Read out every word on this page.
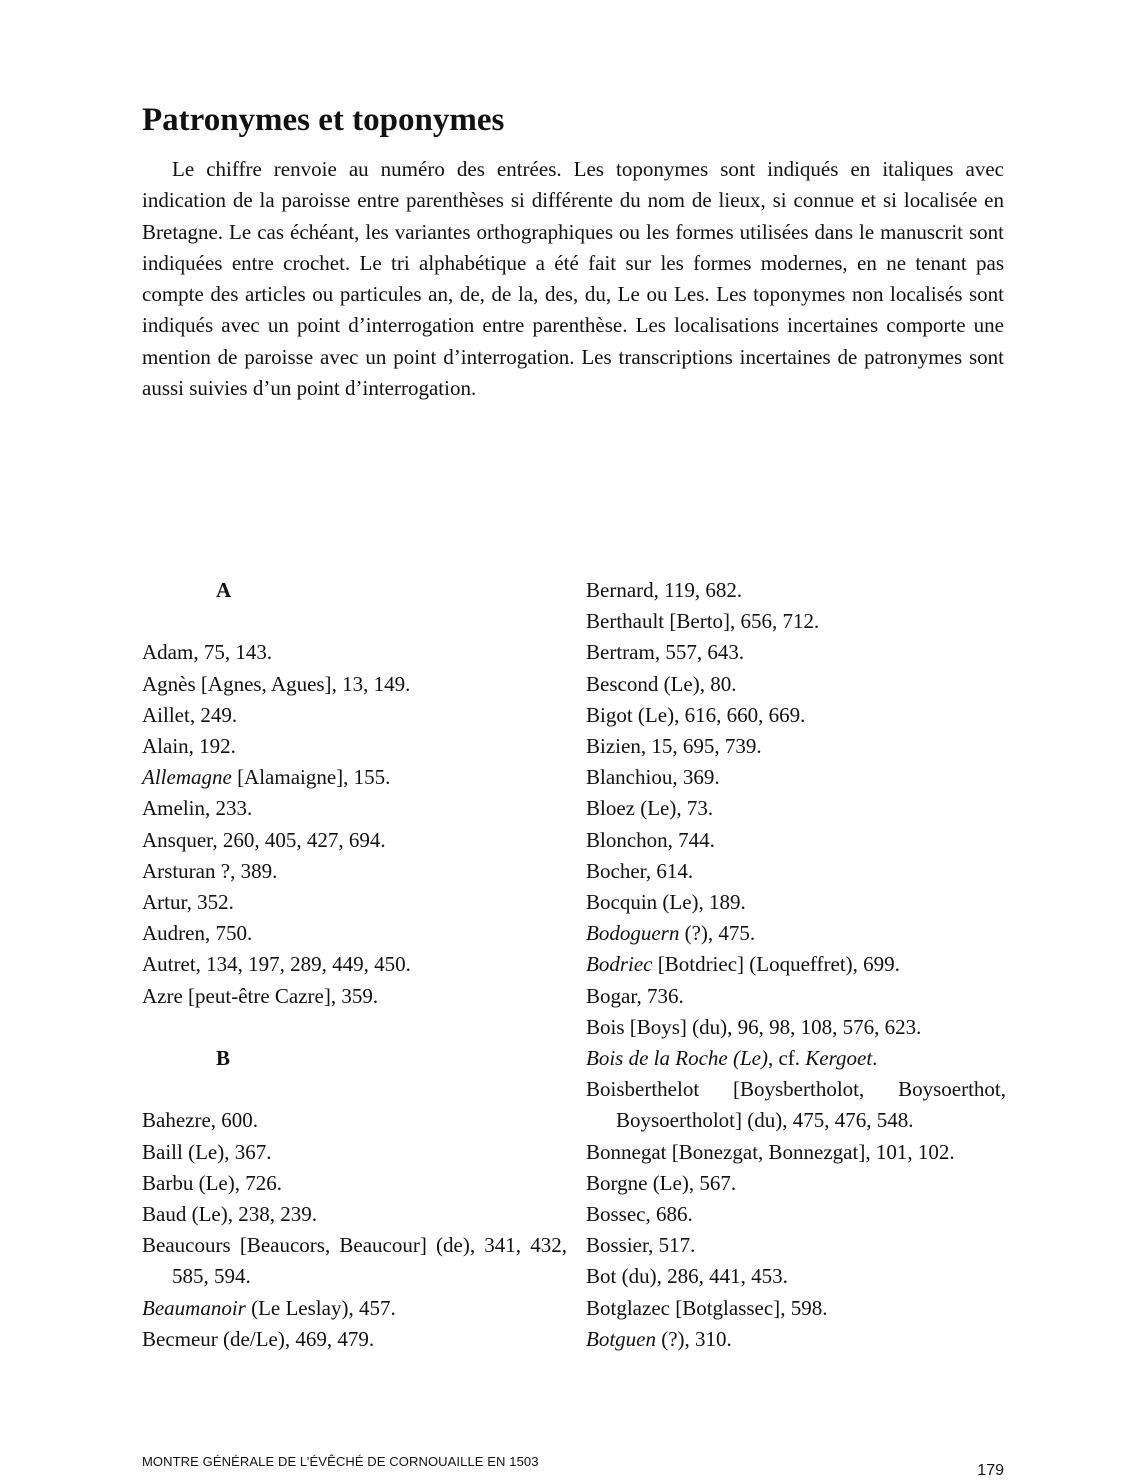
Patronymes et toponymes

Le chiffre renvoie au numéro des entrées. Les toponymes sont indiqués en italiques avec indication de la paroisse entre parenthèses si différente du nom de lieux, si connue et si localisée en Bretagne. Le cas échéant, les variantes orthographiques ou les formes utilisées dans le manuscrit sont indiquées entre crochet. Le tri alphabétique a été fait sur les formes modernes, en ne tenant pas compte des articles ou particules an, de, de la, des, du, Le ou Les. Les toponymes non localisés sont indiqués avec un point d’interrogation entre parenthèse. Les localisations incertaines comporte une mention de paroisse avec un point d’interrogation. Les transcriptions incertaines de patronymes sont aussi suivies d’un point d’interrogation.

A

Adam, 75, 143.

Agnès [Agnes, Agues], 13, 149.

Aillet, 249.

Alain, 192.

Allemagne [Alamaigne], 155.

Amelin, 233.

Ansquer, 260, 405, 427, 694.

Arsturan ?, 389.

Artur, 352.

Audren, 750.

Autret, 134, 197, 289, 449, 450.

Azre [peut-être Cazre], 359.

B

Bahezre, 600.

Baill (Le), 367.

Barbu (Le), 726.

Baud (Le), 238, 239.

Beaucours [Beaucors, Beaucour] (de), 341, 432, 585, 594.

Beaumanoir (Le Leslay), 457.

Becmeur (de/Le), 469, 479.

Bernard, 119, 682.

Berthault [Berto], 656, 712.

Bertram, 557, 643.

Bescond (Le), 80.

Bigot (Le), 616, 660, 669.

Bizien, 15, 695, 739.

Blanchiou, 369.

Bloez (Le), 73.

Blonchon, 744.

Bocher, 614.

Bocquin (Le), 189.

Bodoguern (?), 475.

Bodriec [Botdriec] (Loqueffret), 699.

Bogar, 736.

Bois [Boys] (du), 96, 98, 108, 576, 623.

Bois de la Roche (Le), cf. Kergoet.

Boisberthelot [Boysbertholot, Boysoerthot, Boysoertholot] (du), 475, 476, 548.

Bonnegat [Bonezgat, Bonnezgat], 101, 102.

Borgne (Le), 567.

Bossec, 686.

Bossier, 517.

Bot (du), 286, 441, 453.

Botglazec [Botglassec], 598.

Botguen (?), 310.

MONTRE GÉNÉRALE DE L’ÉVÊCHÉ DE CORNOUAILLE EN 1503
179
